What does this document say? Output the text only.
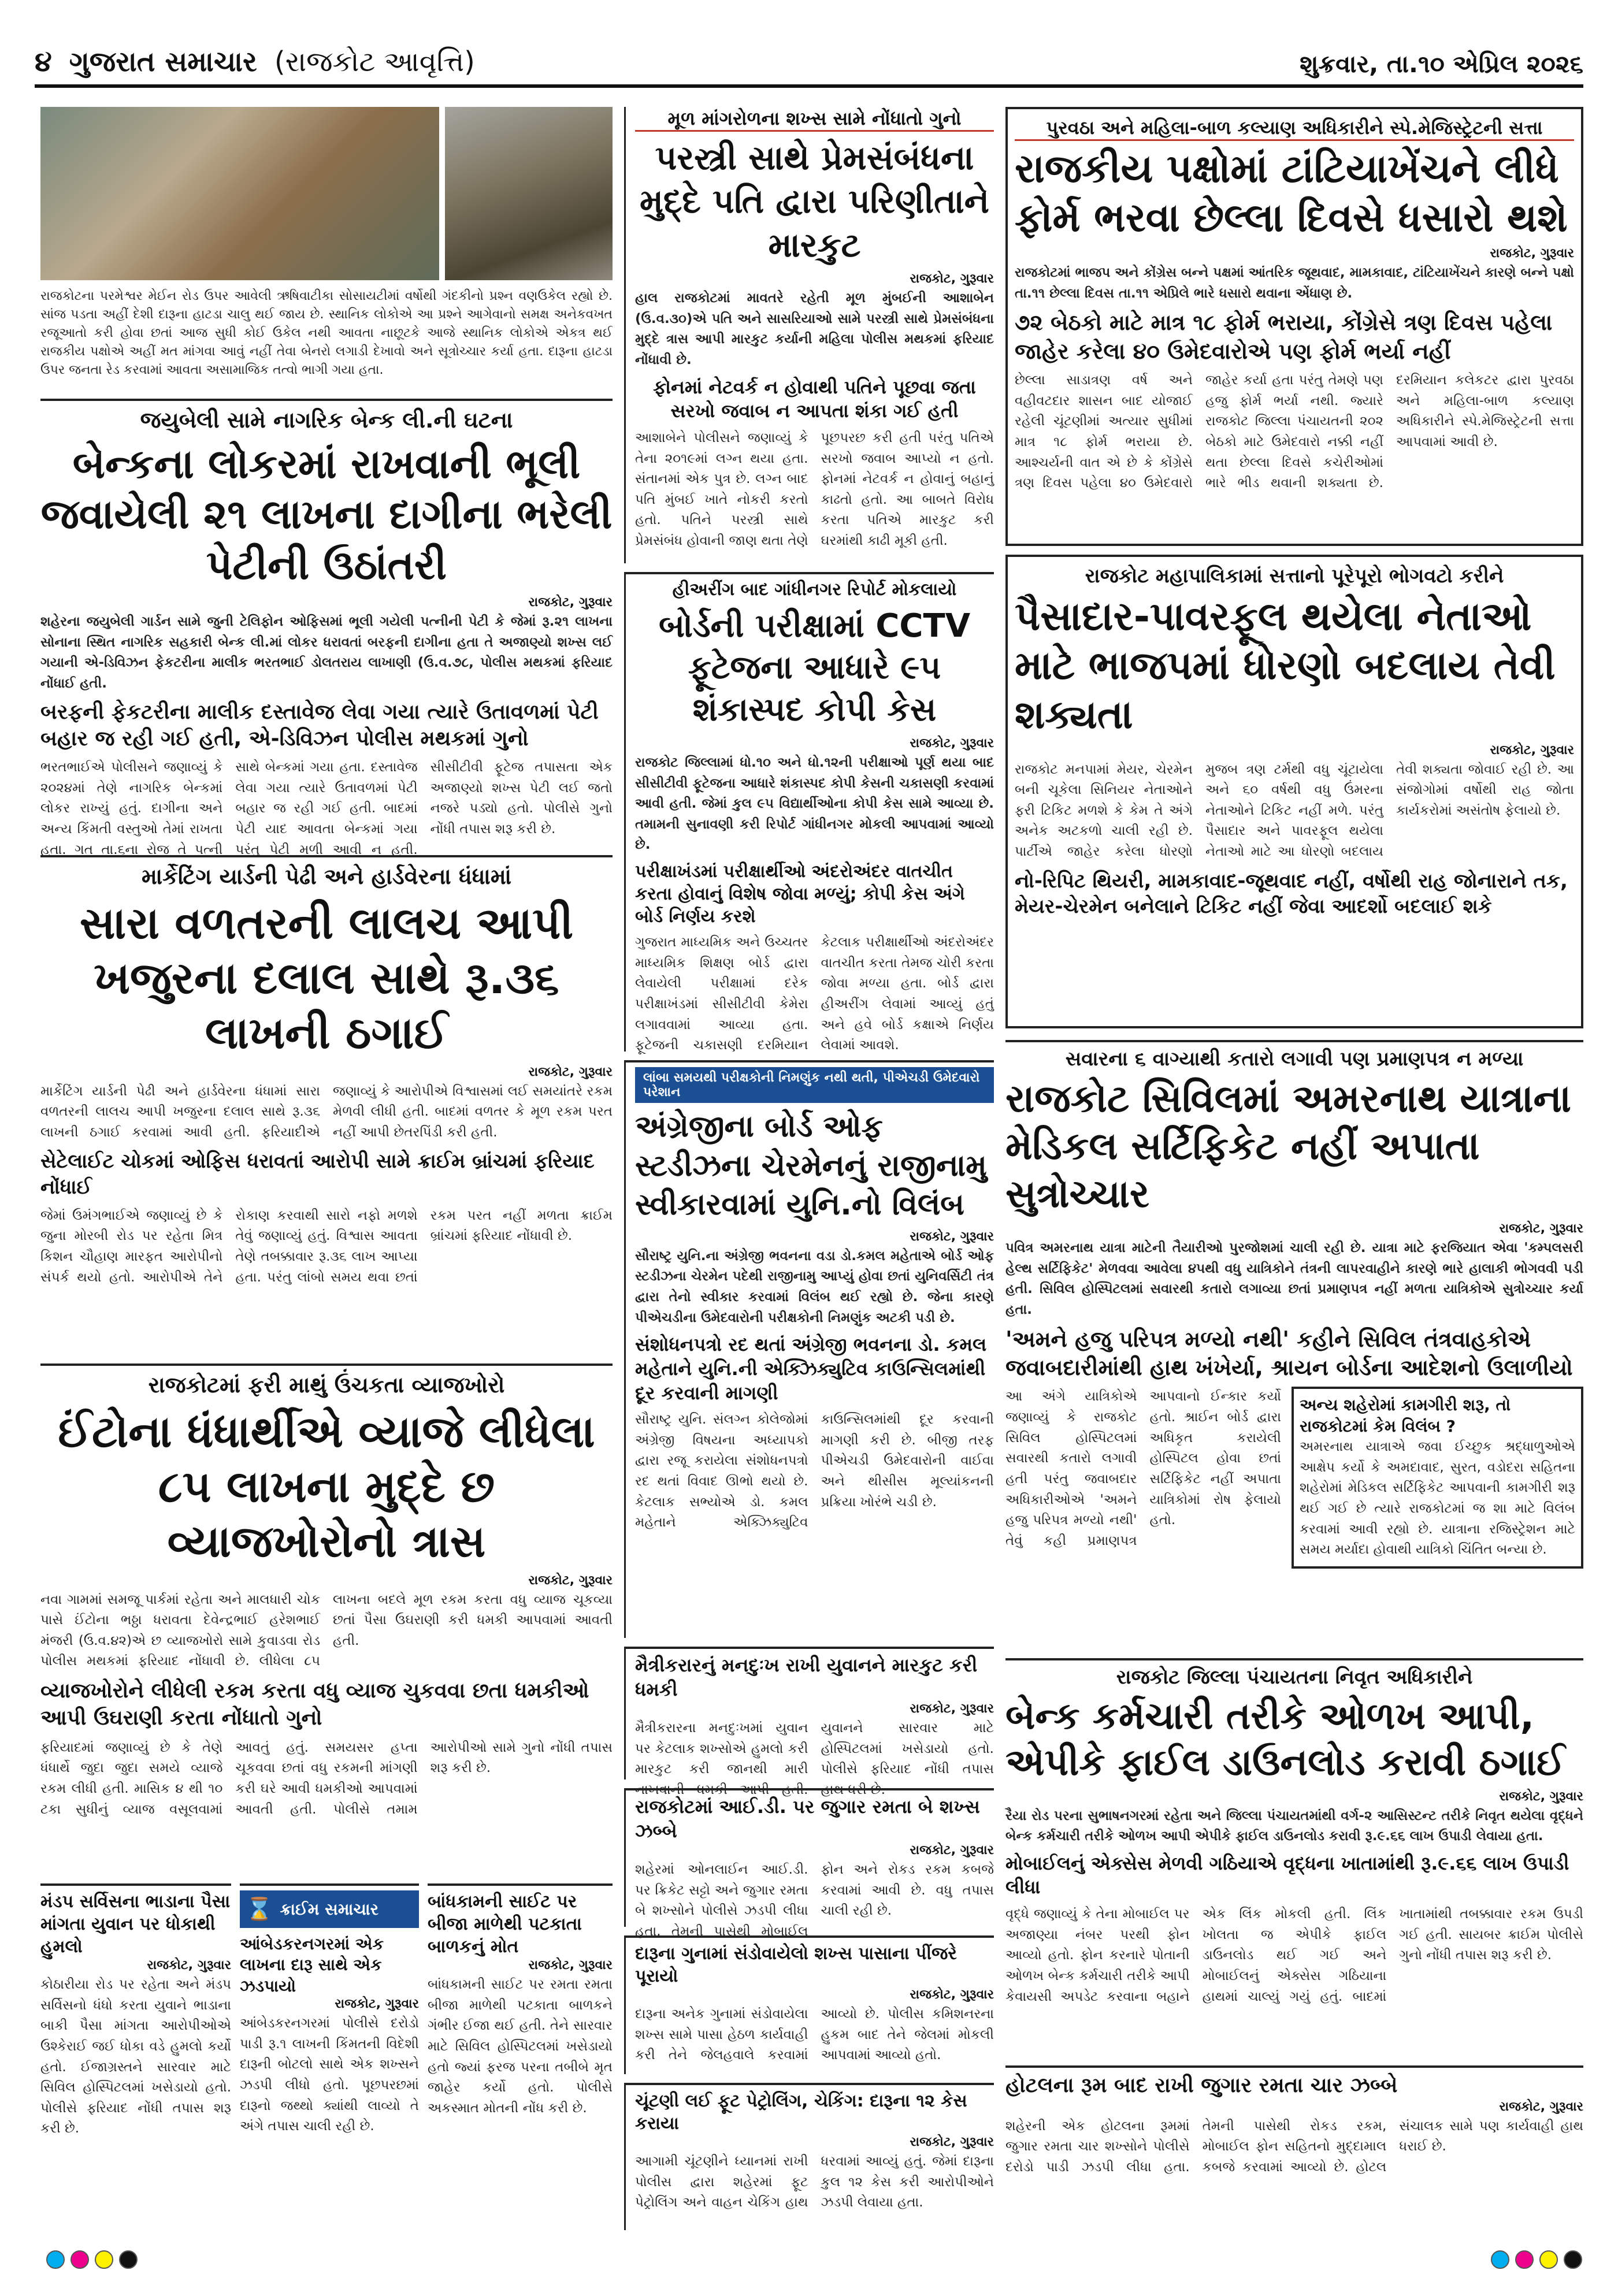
૪ ગુજરાત સમાચાર (રાજકોટ આવૃત્તિ)	શુક્રવાર, તા.૧૦ એપ્રિલ ૨૦૨૬
રાજકોટના પરમેશ્વર મેઈન રોડ ઉપર આવેલી ઋષિવાટીકા સોસાયટીમાં વર્ષોથી ગંદકીનો પ્રશ્ન વણઉકેલ રહ્યો છે. સાંજ પડતા અહીં દેશી દારૂના હાટડા ચાલુ થઈ જાય છે. સ્થાનિક લોકોએ આ પ્રશ્ને આગેવાનો સમક્ષ અનેકવખત રજૂઆતો કરી હોવા છતાં આજ સુધી કોઈ ઉકેલ નથી આવતા નાછૂટકે આજે સ્થાનિક લોકોએ એકત્ર થઈ રાજકીય પક્ષોએ અહીં મત માંગવા આવું નહીં તેવા બેનરો લગાડી દેખાવો અને સૂત્રોચ્ચાર કર્યા હતા. દારૂના હાટડા ઉપર જનતા રેડ કરવામાં આવતા અસામાજિક તત્વો ભાગી ગયા હતા.
જયુબેલી સામે નાગરિક બેન્ક લી.ની ઘટના
બેન્કના લોકરમાં રાખવાની ભૂલી જવાયેલી ૨૧ લાખના દાગીના ભરેલી પેટીની ઉઠાંતરી
રાજકોટ, ગુરૂવાર
શહેરના જયુબેલી ગાર્ડન સામે જુની ટેલિફોન ઓફિસમાં ભૂલી ગયેલી પત્નીની પેટી કે જેમાં રૂ.૨૧ લાખના સોનાના સ્થિત નાગરિક સહકારી બેન્ક લી.માં લોકર ધરાવતાં બરફની દાગીના હતા તે અજાણ્યો શખ્સ લઈ ગયાની એ-ડિવિઝન ફેકટરીના માલીક ભરતભાઈ ડોલતરાય લાખાણી (ઉ.વ.૭૮, પોલીસ મથકમાં ફરિયાદ નોંધાઈ હતી.
બરફની ફેકટરીના માલીક દસ્તાવેજ લેવા ગયા ત્યારે ઉતાવળમાં પેટી બહાર જ રહી ગઈ હતી, એ-ડિવિઝન પોલીસ મથકમાં ગુનો
ભરતભાઈએ પોલીસને જણાવ્યું કે ૨૦૨૪માં તેણે નાગરિક બેન્કમાં લોકર રાખ્યું હતું. દાગીના અને અન્ય કિંમતી વસ્તુઓ તેમાં રાખતા હતા. ગત તા.૬ના રોજ તે પત્ની સાથે બેન્કમાં ગયા હતા. દસ્તાવેજ લેવા ગયા ત્યારે ઉતાવળમાં પેટી બહાર જ રહી ગઈ હતી. બાદમાં પેટી યાદ આવતા બેન્કમાં ગયા પરંતુ પેટી મળી આવી ન હતી. સીસીટીવી ફૂટેજ તપાસતા એક અજાણ્યો શખ્સ પેટી લઈ જતો નજરે પડ્યો હતો. પોલીસે ગુનો નોંધી તપાસ શરૂ કરી છે.
માર્કેટિંગ યાર્ડની પેઢી અને હાર્ડવેરના ધંધામાં
સારા વળતરની લાલચ આપી ખજુરના દલાલ સાથે રૂ.૩૬ લાખની ઠગાઈ
રાજકોટ, ગુરૂવાર
માર્કેટિંગ યાર્ડની પેઢી અને હાર્ડવેરના ધંધામાં સારા વળતરની લાલચ આપી ખજુરના દલાલ સાથે રૂ.૩૬ લાખની ઠગાઈ કરવામાં આવી હતી. ફરિયાદીએ જણાવ્યું કે આરોપીએ વિશ્વાસમાં લઈ સમયાંતરે રકમ મેળવી લીધી હતી. બાદમાં વળતર કે મૂળ રકમ પરત નહીં આપી છેતરપિંડી કરી હતી.
સેટેલાઈટ ચોકમાં ઓફિસ ધરાવતાં આરોપી સામે ક્રાઈમ બ્રાંચમાં ફરિયાદ નોંધાઈ
જેમાં ઉમંગભાઈએ જણાવ્યું છે કે જુના મોરબી રોડ પર રહેતા મિત્ર કિશન ચૌહાણ મારફત આરોપીનો સંપર્ક થયો હતો. આરોપીએ તેને રોકાણ કરવાથી સારો નફો મળશે તેવું જણાવ્યું હતું. વિશ્વાસ આવતા તેણે તબક્કાવાર રૂ.૩૬ લાખ આપ્યા હતા. પરંતુ લાંબો સમય થવા છતાં રકમ પરત નહીં મળતા ક્રાઈમ બ્રાંચમાં ફરિયાદ નોંધાવી છે.
રાજકોટમાં ફરી માથું ઉંચકતા વ્યાજખોરો
ઈંટોના ધંધાર્થીએ વ્યાજે લીધેલા ૮૫ લાખના મુદ્દે છ વ્યાજખોરોનો ત્રાસ
રાજકોટ, ગુરૂવાર
નવા ગામમાં સમજૂ પાર્કમાં રહેતા અને માલધારી ચોક પાસે ઈંટોના ભઠ્ઠા ધરાવતા દેવેન્દ્રભાઈ હરેશભાઈ મંજરી (ઉ.વ.૪૨)એ છ વ્યાજખોરો સામે કુવાડવા રોડ પોલીસ મથકમાં ફરિયાદ નોંધાવી છે. લીધેલા ૮૫ લાખના બદલે મૂળ રકમ કરતા વધુ વ્યાજ ચૂકવ્યા છતાં પૈસા ઉઘરાણી કરી ધમકી આપવામાં આવતી હતી.
વ્યાજખોરોને લીધેલી રકમ કરતા વધુ વ્યાજ ચુકવવા છતા ધમકીઓ આપી ઉઘરાણી કરતા નોંધાતો ગુનો
ફરિયાદમાં જણાવ્યું છે કે તેણે ધંધાર્થે જુદા જુદા સમયે વ્યાજે રકમ લીધી હતી. માસિક ૪ થી ૧૦ ટકા સુધીનું વ્યાજ વસૂલવામાં આવતું હતું. સમયસર હપ્તા ચૂકવવા છતાં વધુ રકમની માંગણી કરી ઘરે આવી ધમકીઓ આપવામાં આવતી હતી. પોલીસે તમામ આરોપીઓ સામે ગુનો નોંધી તપાસ શરૂ કરી છે.
મંડપ સર્વિસના ભાડાના પૈસા માંગતા યુવાન પર ધોકાથી હુમલો
રાજકોટ, ગુરૂવાર
કોઠારીયા રોડ પર રહેતા અને મંડપ સર્વિસનો ધંધો કરતા યુવાને ભાડાના બાકી પૈસા માંગતા આરોપીઓએ ઉશ્કેરાઈ જઈ ધોકા વડે હુમલો કર્યો હતો. ઈજાગ્રસ્તને સારવાર માટે સિવિલ હોસ્પિટલમાં ખસેડાયો હતો. પોલીસે ફરિયાદ નોંધી તપાસ શરૂ કરી છે.
⌛ ક્રાઈમ સમાચાર
આંબેડકરનગરમાં એક લાખના દારૂ સાથે એક ઝડપાયો
રાજકોટ, ગુરૂવાર
આંબેડકરનગરમાં પોલીસે દરોડો પાડી રૂ.૧ લાખની કિંમતની વિદેશી દારૂની બોટલો સાથે એક શખ્સને ઝડપી લીધો હતો. પૂછપરછમાં દારૂનો જથ્થો ક્યાંથી લાવ્યો તે અંગે તપાસ ચાલી રહી છે.
બાંધકામની સાઈટ પર બીજા માળેથી પટકાતા બાળકનું મોત
રાજકોટ, ગુરૂવાર
બાંધકામની સાઈટ પર રમતા રમતા બીજા માળેથી પટકાતા બાળકને ગંભીર ઈજા થઈ હતી. તેને સારવાર માટે સિવિલ હોસ્પિટલમાં ખસેડાયો હતો જ્યાં ફરજ પરના તબીબે મૃત જાહેર કર્યો હતો. પોલીસે અકસ્માત મોતની નોંધ કરી છે.
મૂળ માંગરોળના શખ્સ સામે નોંધાતો ગુનો
પરસ્ત્રી સાથે પ્રેમસંબંધના મુદ્દે પતિ દ્વારા પરિણીતાને મારકુટ
રાજકોટ, ગુરૂવાર
હાલ રાજકોટમાં માવતરે રહેતી મૂળ મુંબઈની આશાબેન (ઉ.વ.૩૦)એ પતિ અને સાસરિયાઓ સામે પરસ્ત્રી સાથે પ્રેમસંબંધના મુદ્દે ત્રાસ આપી મારકુટ કર્યાની મહિલા પોલીસ મથકમાં ફરિયાદ નોંધાવી છે.
ફોનમાં નેટવર્ક ન હોવાથી પતિને પૂછવા જતા સરખો જવાબ ન આપતા શંકા ગઈ હતી
આશાબેને પોલીસને જણાવ્યું કે તેના ૨૦૧૯માં લગ્ન થયા હતા. સંતાનમાં એક પુત્ર છે. લગ્ન બાદ પતિ મુંબઈ ખાતે નોકરી કરતો હતો. પતિને પરસ્ત્રી સાથે પ્રેમસંબંધ હોવાની જાણ થતા તેણે પૂછપરછ કરી હતી પરંતુ પતિએ સરખો જવાબ આપ્યો ન હતો. ફોનમાં નેટવર્ક ન હોવાનું બહાનું કાઢતો હતો. આ બાબતે વિરોધ કરતા પતિએ મારકુટ કરી ઘરમાંથી કાઢી મૂકી હતી.
હીઅરીંગ બાદ ગાંધીનગર રિપોર્ટ મોકલાયો
બોર્ડની પરીક્ષામાં CCTV ફૂટેજના આધારે ૯૫ શંકાસ્પદ કોપી કેસ
રાજકોટ, ગુરૂવાર
રાજકોટ જિલ્લામાં ધો.૧૦ અને ધો.૧૨ની પરીક્ષાઓ પૂર્ણ થયા બાદ સીસીટીવી ફૂટેજના આધારે શંકાસ્પદ કોપી કેસની ચકાસણી કરવામાં આવી હતી. જેમાં કુલ ૯૫ વિદ્યાર્થીઓના કોપી કેસ સામે આવ્યા છે. તમામની સુનાવણી કરી રિપોર્ટ ગાંધીનગર મોકલી આપવામાં આવ્યો છે.
પરીક્ષાખંડમાં પરીક્ષાર્થીઓ અંદરોઅંદર વાતચીત કરતા હોવાનું વિશેષ જોવા મળ્યું; કોપી કેસ અંગે બોર્ડ નિર્ણય કરશે
ગુજરાત માધ્યમિક અને ઉચ્ચતર માધ્યમિક શિક્ષણ બોર્ડ દ્વારા લેવાયેલી પરીક્ષામાં દરેક પરીક્ષાખંડમાં સીસીટીવી કેમેરા લગાવવામાં આવ્યા હતા. ફૂટેજની ચકાસણી દરમિયાન કેટલાક પરીક્ષાર્થીઓ અંદરોઅંદર વાતચીત કરતા તેમજ ચોરી કરતા જોવા મળ્યા હતા. બોર્ડ દ્વારા હીઅરીંગ લેવામાં આવ્યું હતું અને હવે બોર્ડ કક્ષાએ નિર્ણય લેવામાં આવશે.
લાંબા સમયથી પરીક્ષકોની નિમણુંક નથી થતી, પીએચડી ઉમેદવારો પરેશાન
અંગ્રેજીના બોર્ડ ઓફ સ્ટડીઝના ચેરમેનનું રાજીનામુ સ્વીકારવામાં યુનિ.નો વિલંબ
રાજકોટ, ગુરૂવાર
સૌરાષ્ટ્ર યુનિ.ના અંગ્રેજી ભવનના વડા ડો.કમલ મહેતાએ બોર્ડ ઓફ સ્ટડીઝના ચેરમેન પદેથી રાજીનામુ આપ્યું હોવા છતાં યુનિવર્સિટી તંત્ર દ્વારા તેનો સ્વીકાર કરવામાં વિલંબ થઈ રહ્યો છે. જેના કારણે પીએચડીના ઉમેદવારોની પરીક્ષકોની નિમણુંક અટકી પડી છે.
સંશોધનપત્રો રદ થતાં અંગ્રેજી ભવનના ડો. કમલ મહેતાને યુનિ.ની એક્ઝિક્યુટિવ કાઉન્સિલમાંથી દૂર કરવાની માગણી
સૌરાષ્ટ્ર યુનિ. સંલગ્ન કોલેજોમાં અંગ્રેજી વિષયના અધ્યાપકો દ્વારા રજૂ કરાયેલા સંશોધનપત્રો રદ થતાં વિવાદ ઊભો થયો છે. કેટલાક સભ્યોએ ડો. કમલ મહેતાને એક્ઝિક્યુટિવ કાઉન્સિલમાંથી દૂર કરવાની માગણી કરી છે. બીજી તરફ પીએચડી ઉમેદવારોની વાઈવા અને થીસીસ મૂલ્યાંકનની પ્રક્રિયા ખોરંભે ચડી છે.
મૈત્રીકરારનું મનદુઃખ રાખી યુવાનને મારકુટ કરી ધમકી
રાજકોટ, ગુરૂવાર
મૈત્રીકરારના મનદુઃખમાં યુવાન પર કેટલાક શખ્સોએ હુમલો કરી મારકુટ કરી જાનથી મારી નાખવાની ધમકી આપી હતી. યુવાનને સારવાર માટે હોસ્પિટલમાં ખસેડાયો હતો. પોલીસે ફરિયાદ નોંધી તપાસ હાથ ધરી છે.
રાજકોટમાં આઈ.ડી. પર જુગાર રમતા બે શખ્સ ઝબ્બે
રાજકોટ, ગુરૂવાર
શહેરમાં ઓનલાઈન આઈ.ડી. પર ક્રિકેટ સટ્ટો અને જુગાર રમતા બે શખ્સોને પોલીસે ઝડપી લીધા હતા. તેમની પાસેથી મોબાઈલ ફોન અને રોકડ રકમ કબજે કરવામાં આવી છે. વધુ તપાસ ચાલી રહી છે.
દારૂના ગુનામાં સંડોવાયેલો શખ્સ પાસાના પીંજરે પૂરાયો
રાજકોટ, ગુરૂવાર
દારૂના અનેક ગુનામાં સંડોવાયેલા શખ્સ સામે પાસા હેઠળ કાર્યવાહી કરી તેને જેલહવાલે કરવામાં આવ્યો છે. પોલીસ કમિશનરના હુકમ બાદ તેને જેલમાં મોકલી આપવામાં આવ્યો હતો.
ચૂંટણી લઈ ફૂટ પેટ્રોલિંગ, ચેકિંગ: દારૂના ૧૨ કેસ કરાયા
રાજકોટ, ગુરૂવાર
આગામી ચૂંટણીને ધ્યાનમાં રાખી પોલીસ દ્વારા શહેરમાં ફૂટ પેટ્રોલિંગ અને વાહન ચેકિંગ હાથ ધરવામાં આવ્યું હતું. જેમાં દારૂના કુલ ૧૨ કેસ કરી આરોપીઓને ઝડપી લેવાયા હતા.
પુરવઠા અને મહિલા-બાળ કલ્યાણ અધિકારીને સ્પે.મેજિસ્ટ્રેટની સત્તા
રાજકીય પક્ષોમાં ટાંટિયાખેંચને લીધે ફોર્મ ભરવા છેલ્લા દિવસે ધસારો થશે
રાજકોટ, ગુરૂવાર
રાજકોટમાં ભાજપ અને કોંગ્રેસ બન્ને પક્ષમાં આંતરિક જૂથવાદ, મામકાવાદ, ટાંટિયાખેંચને કારણે બન્ને પક્ષો તા.૧૧ છેલ્લા દિવસ તા.૧૧ એપ્રિલે ભારે ધસારો થવાના એંધાણ છે.
૭૨ બેઠકો માટે માત્ર ૧૮ ફોર્મ ભરાયા, કોંગ્રેસે ત્રણ દિવસ પહેલા જાહેર કરેલા ૪૦ ઉમેદવારોએ પણ ફોર્મ ભર્યા નહીં
છેલ્લા સાડાત્રણ વર્ષ અને વહીવટદાર શાસન બાદ યોજાઈ રહેલી ચૂંટણીમાં અત્યાર સુધીમાં માત્ર ૧૮ ફોર્મ ભરાયા છે. આશ્ચર્યની વાત એ છે કે કોંગ્રેસે ત્રણ દિવસ પહેલા ૪૦ ઉમેદવારો જાહેર કર્યા હતા પરંતુ તેમણે પણ હજુ ફોર્મ ભર્યા નથી. જ્યારે રાજકોટ જિલ્લા પંચાયતની ૨૦૨ બેઠકો માટે ઉમેદવારો નક્કી નહીં થતા છેલ્લા દિવસે કચેરીઓમાં ભારે ભીડ થવાની શક્યતા છે. દરમિયાન કલેકટર દ્વારા પુરવઠા અને મહિલા-બાળ કલ્યાણ અધિકારીને સ્પે.મેજિસ્ટ્રેટની સત્તા આપવામાં આવી છે.
રાજકોટ મહાપાલિકામાં સત્તાનો પૂરેપૂરો ભોગવટો કરીને
પૈસાદાર-પાવરફૂલ થયેલા નેતાઓ માટે ભાજપમાં ધોરણો બદલાય તેવી શક્યતા
રાજકોટ, ગુરૂવાર
રાજકોટ મનપામાં મેયર, ચેરમેન બની ચૂકેલા સિનિયર નેતાઓને ફરી ટિકિટ મળશે કે કેમ તે અંગે અનેક અટકળો ચાલી રહી છે. પાર્ટીએ જાહેર કરેલા ધોરણો મુજબ ત્રણ ટર્મથી વધુ ચૂંટાયેલા અને ૬૦ વર્ષથી વધુ ઉંમરના નેતાઓને ટિકિટ નહીં મળે. પરંતુ પૈસાદાર અને પાવરફૂલ થયેલા નેતાઓ માટે આ ધોરણો બદલાય તેવી શક્યતા જોવાઈ રહી છે. આ સંજોગોમાં વર્ષોથી રાહ જોતા કાર્યકરોમાં અસંતોષ ફેલાયો છે.
નો-રિપિટ થિયરી, મામકાવાદ-જૂથવાદ નહીં, વર્ષોથી રાહ જોનારાને તક, મેયર-ચેરમેન બનેલાને ટિકિટ નહીં જેવા આદર્શો બદલાઈ શકે
સવારના ૬ વાગ્યાથી કતારો લગાવી પણ પ્રમાણપત્ર ન મળ્યા
રાજકોટ સિવિલમાં અમરનાથ યાત્રાના મેડિકલ સર્ટિફિકેટ નહીં અપાતા સુત્રોચ્ચાર
રાજકોટ, ગુરૂવાર
પવિત્ર અમરનાથ યાત્રા માટેની તૈયારીઓ પુરજોશમાં ચાલી રહી છે. યાત્રા માટે ફરજિયાત એવા 'કમ્પલસરી હેલ્થ સર્ટિફિકેટ' મેળવવા આવેલા ૪૫થી વધુ યાત્રિકોને તંત્રની લાપરવાહીને કારણે ભારે હાલાકી ભોગવવી પડી હતી. સિવિલ હોસ્પિટલમાં સવારથી કતારો લગાવ્યા છતાં પ્રમાણપત્ર નહીં મળતા યાત્રિકોએ સુત્રોચ્ચાર કર્યા હતા.
'અમને હજુ પરિપત્ર મળ્યો નથી' કહીને સિવિલ તંત્રવાહકોએ જવાબદારીમાંથી હાથ ખંખેર્યા, શ્રાયન બોર્ડના આદેશનો ઉલાળીયો
આ અંગે યાત્રિકોએ જણાવ્યું કે રાજકોટ સિવિલ હોસ્પિટલમાં સવારથી કતારો લગાવી હતી પરંતુ જવાબદાર અધિકારીઓએ 'અમને હજુ પરિપત્ર મળ્યો નથી' તેવું કહી પ્રમાણપત્ર આપવાનો ઈન્કાર કર્યો હતો. શ્રાઈન બોર્ડ દ્વારા અધિકૃત કરાયેલી હોસ્પિટલ હોવા છતાં સર્ટિફિકેટ નહીં અપાતા યાત્રિકોમાં રોષ ફેલાયો હતો.
અન્ય શહેરોમાં કામગીરી શરૂ, તો રાજકોટમાં કેમ વિલંબ ?
અમરનાથ યાત્રાએ જવા ઈચ્છુક શ્રદ્ધાળુઓએ આક્ષેપ કર્યો કે અમદાવાદ, સુરત, વડોદરા સહિતના શહેરોમાં મેડિકલ સર્ટિફિકેટ આપવાની કામગીરી શરૂ થઈ ગઈ છે ત્યારે રાજકોટમાં જ શા માટે વિલંબ કરવામાં આવી રહ્યો છે. યાત્રાના રજિસ્ટ્રેશન માટે સમય મર્યાદા હોવાથી યાત્રિકો ચિંતિત બન્યા છે.
રાજકોટ જિલ્લા પંચાયતના નિવૃત અધિકારીને
બેન્ક કર્મચારી તરીકે ઓળખ આપી, એપીકે ફાઈલ ડાઉનલોડ કરાવી ઠગાઈ
રાજકોટ, ગુરૂવાર
રૈયા રોડ પરના સુભાષનગરમાં રહેતા અને જિલ્લા પંચાયતમાંથી વર્ગ-૨ આસિસ્ટન્ટ તરીકે નિવૃત થયેલા વૃદ્ધને બેન્ક કર્મચારી તરીકે ઓળખ આપી એપીકે ફાઈલ ડાઉનલોડ કરાવી રૂ.૯.૬૬ લાખ ઉપાડી લેવાયા હતા.
મોબાઈલનું એક્સેસ મેળવી ગઠિયાએ વૃદ્ધના ખાતામાંથી રૂ.૯.૬૬ લાખ ઉપાડી લીધા
વૃદ્ધે જણાવ્યું કે તેના મોબાઈલ પર અજાણ્યા નંબર પરથી ફોન આવ્યો હતો. ફોન કરનારે પોતાની ઓળખ બેન્ક કર્મચારી તરીકે આપી કેવાયસી અપડેટ કરવાના બહાને એક લિંક મોકલી હતી. લિંક ખોલતા જ એપીકે ફાઈલ ડાઉનલોડ થઈ ગઈ અને મોબાઈલનું એક્સેસ ગઠિયાના હાથમાં ચાલ્યું ગયું હતું. બાદમાં ખાતામાંથી તબક્કાવાર રકમ ઉપડી ગઈ હતી. સાયબર ક્રાઈમ પોલીસે ગુનો નોંધી તપાસ શરૂ કરી છે.
હોટલના રૂમ બાદ રાખી જુગાર રમતા ચાર ઝબ્બે
રાજકોટ, ગુરૂવાર
શહેરની એક હોટલના રૂમમાં જુગાર રમતા ચાર શખ્સોને પોલીસે દરોડો પાડી ઝડપી લીધા હતા. તેમની પાસેથી રોકડ રકમ, મોબાઈલ ફોન સહિતનો મુદ્દામાલ કબજે કરવામાં આવ્યો છે. હોટલ સંચાલક સામે પણ કાર્યવાહી હાથ ધરાઈ છે.
